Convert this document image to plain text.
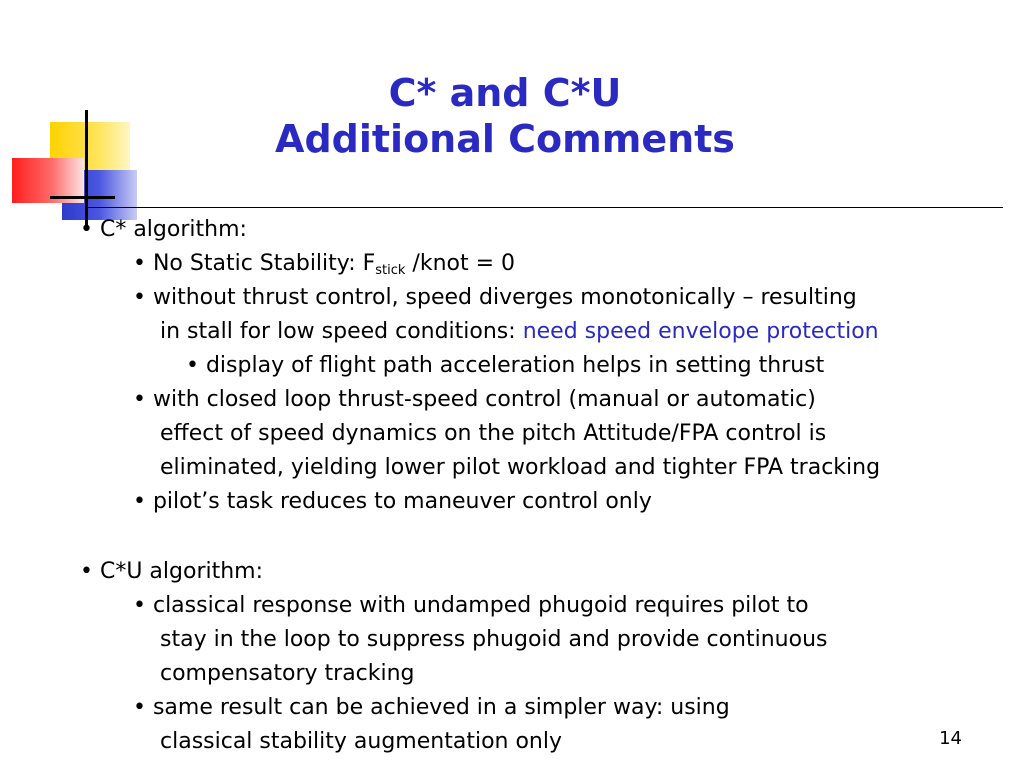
C* and C*U
Additional Comments
• C* algorithm:
• No Static Stability: $F_{stick}$ /knot = 0
• without thrust control, speed diverges monotonically – resulting
in stall for low speed conditions: need speed envelope protection
• display of flight path acceleration helps in setting thrust
• with closed loop thrust-speed control (manual or automatic)
effect of speed dynamics on the pitch Attitude/FPA control is
eliminated, yielding lower pilot workload and tighter FPA tracking
• pilot’s task reduces to maneuver control only
• C*U algorithm:
• classical response with undamped phugoid requires pilot to
stay in the loop to suppress phugoid and provide continuous
compensatory tracking
• same result can be achieved in a simpler way: using
classical stability augmentation only	14
